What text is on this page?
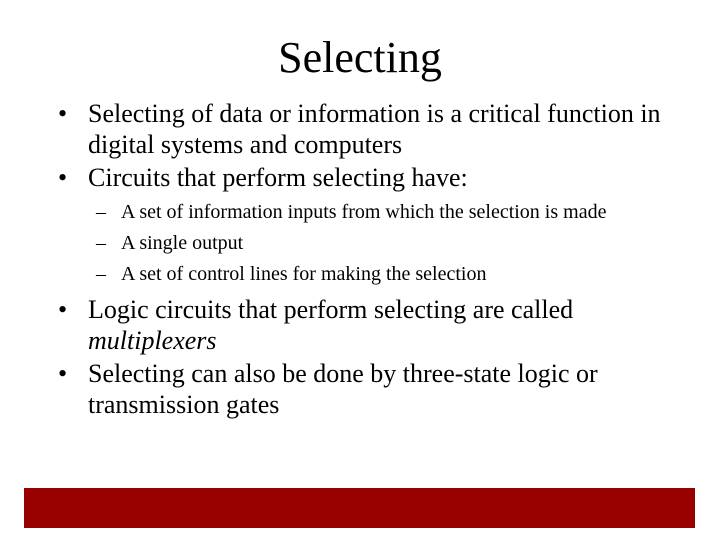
Selecting
• Selecting of data or information is a critical function in digital systems and computers
• Circuits that perform selecting have:
– A set of information inputs from which the selection is made
– A single output
– A set of control lines for making the selection
• Logic circuits that perform selecting are called multiplexers
• Selecting can also be done by three-state logic or transmission gates
